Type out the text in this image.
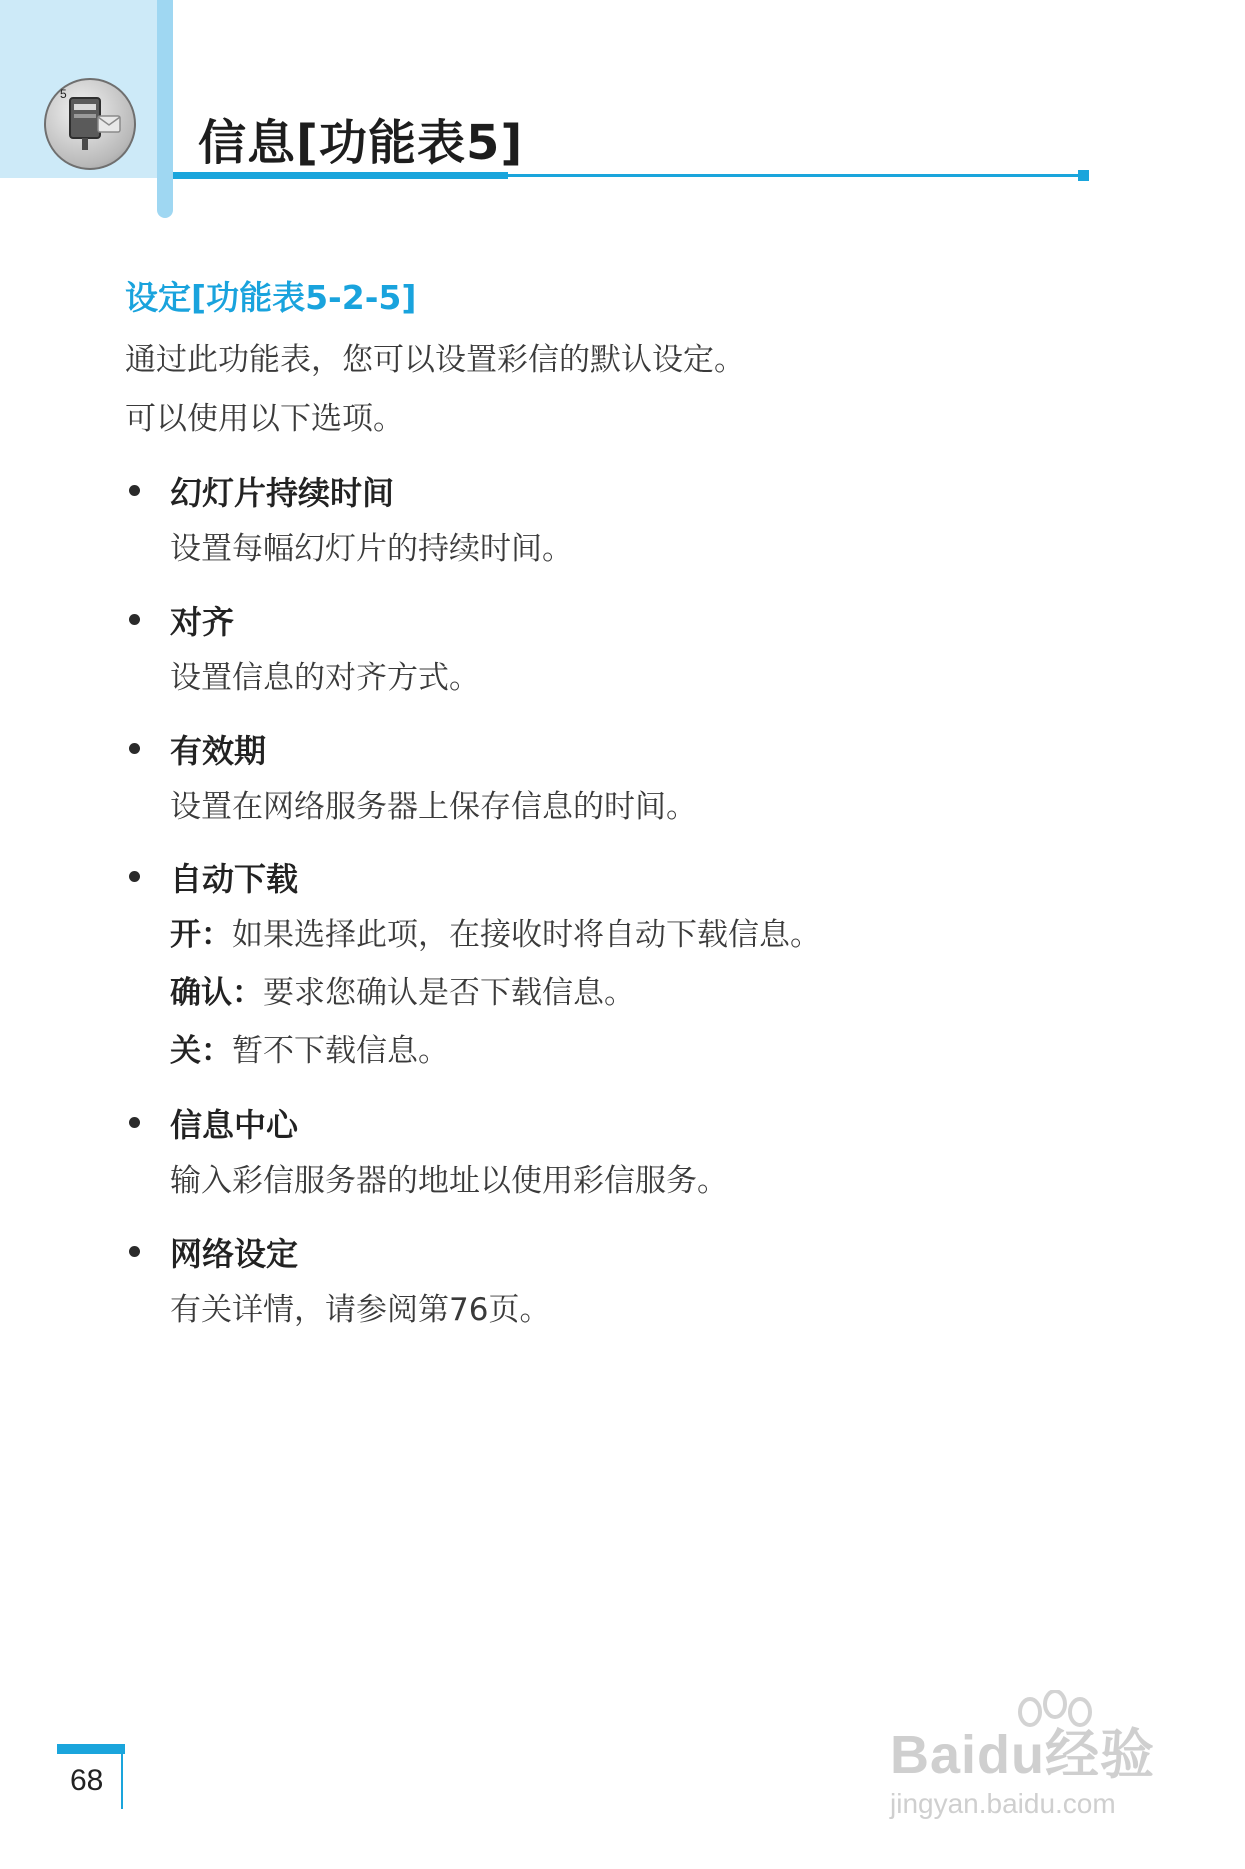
5
信息[功能表5]
设定[功能表5-2-5]
通过此功能表，您可以设置彩信的默认设定。
可以使用以下选项。
幻灯片持续时间
设置每幅幻灯片的持续时间。
对齐
设置信息的对齐方式。
有效期
设置在网络服务器上保存信息的时间。
自动下载
开：如果选择此项，在接收时将自动下载信息。
确认：要求您确认是否下载信息。
关：暂不下载信息。
信息中心
输入彩信服务器的地址以使用彩信服务。
网络设定
有关详情，请参阅第76页。
68	Baidu经验
jingyan.baidu.com
